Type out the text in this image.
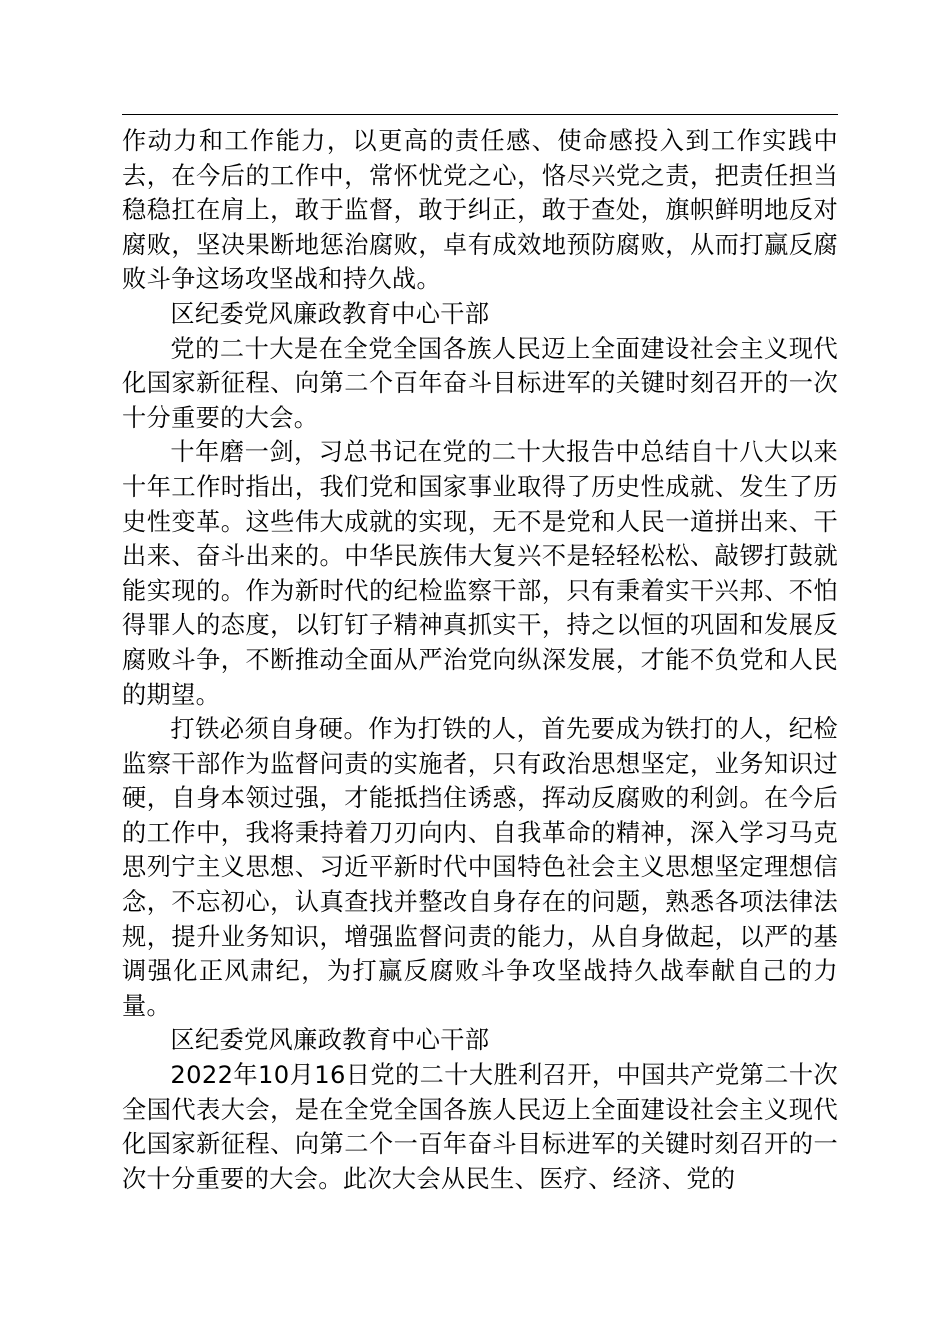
作动力和工作能力，以更高的责任感、使命感投入到工作实践中去，在今后的工作中，常怀忧党之心，恪尽兴党之责，把责任担当稳稳扛在肩上，敢于监督，敢于纠正，敢于查处，旗帜鲜明地反对腐败，坚决果断地惩治腐败，卓有成效地预防腐败，从而打赢反腐败斗争这场攻坚战和持久战。

区纪委党风廉政教育中心干部

党的二十大是在全党全国各族人民迈上全面建设社会主义现代化国家新征程、向第二个百年奋斗目标进军的关键时刻召开的一次十分重要的大会。

十年磨一剑，习总书记在党的二十大报告中总结自十八大以来十年工作时指出，我们党和国家事业取得了历史性成就、发生了历史性变革。这些伟大成就的实现，无不是党和人民一道拼出来、干出来、奋斗出来的。中华民族伟大复兴不是轻轻松松、敲锣打鼓就能实现的。作为新时代的纪检监察干部，只有秉着实干兴邦、不怕得罪人的态度，以钉钉子精神真抓实干，持之以恒的巩固和发展反腐败斗争，不断推动全面从严治党向纵深发展，才能不负党和人民的期望。

打铁必须自身硬。作为打铁的人，首先要成为铁打的人，纪检监察干部作为监督问责的实施者，只有政治思想坚定，业务知识过硬，自身本领过强，才能抵挡住诱惑，挥动反腐败的利剑。在今后的工作中，我将秉持着刀刃向内、自我革命的精神，深入学习马克思列宁主义思想、习近平新时代中国特色社会主义思想坚定理想信念，不忘初心，认真查找并整改自身存在的问题，熟悉各项法律法规，提升业务知识，增强监督问责的能力，从自身做起，以严的基调强化正风肃纪，为打赢反腐败斗争攻坚战持久战奉献自己的力量。

区纪委党风廉政教育中心干部

2022年10月16日党的二十大胜利召开，中国共产党第二十次全国代表大会，是在全党全国各族人民迈上全面建设社会主义现代化国家新征程、向第二个一百年奋斗目标进军的关键时刻召开的一次十分重要的大会。此次大会从民生、医疗、经济、党的
